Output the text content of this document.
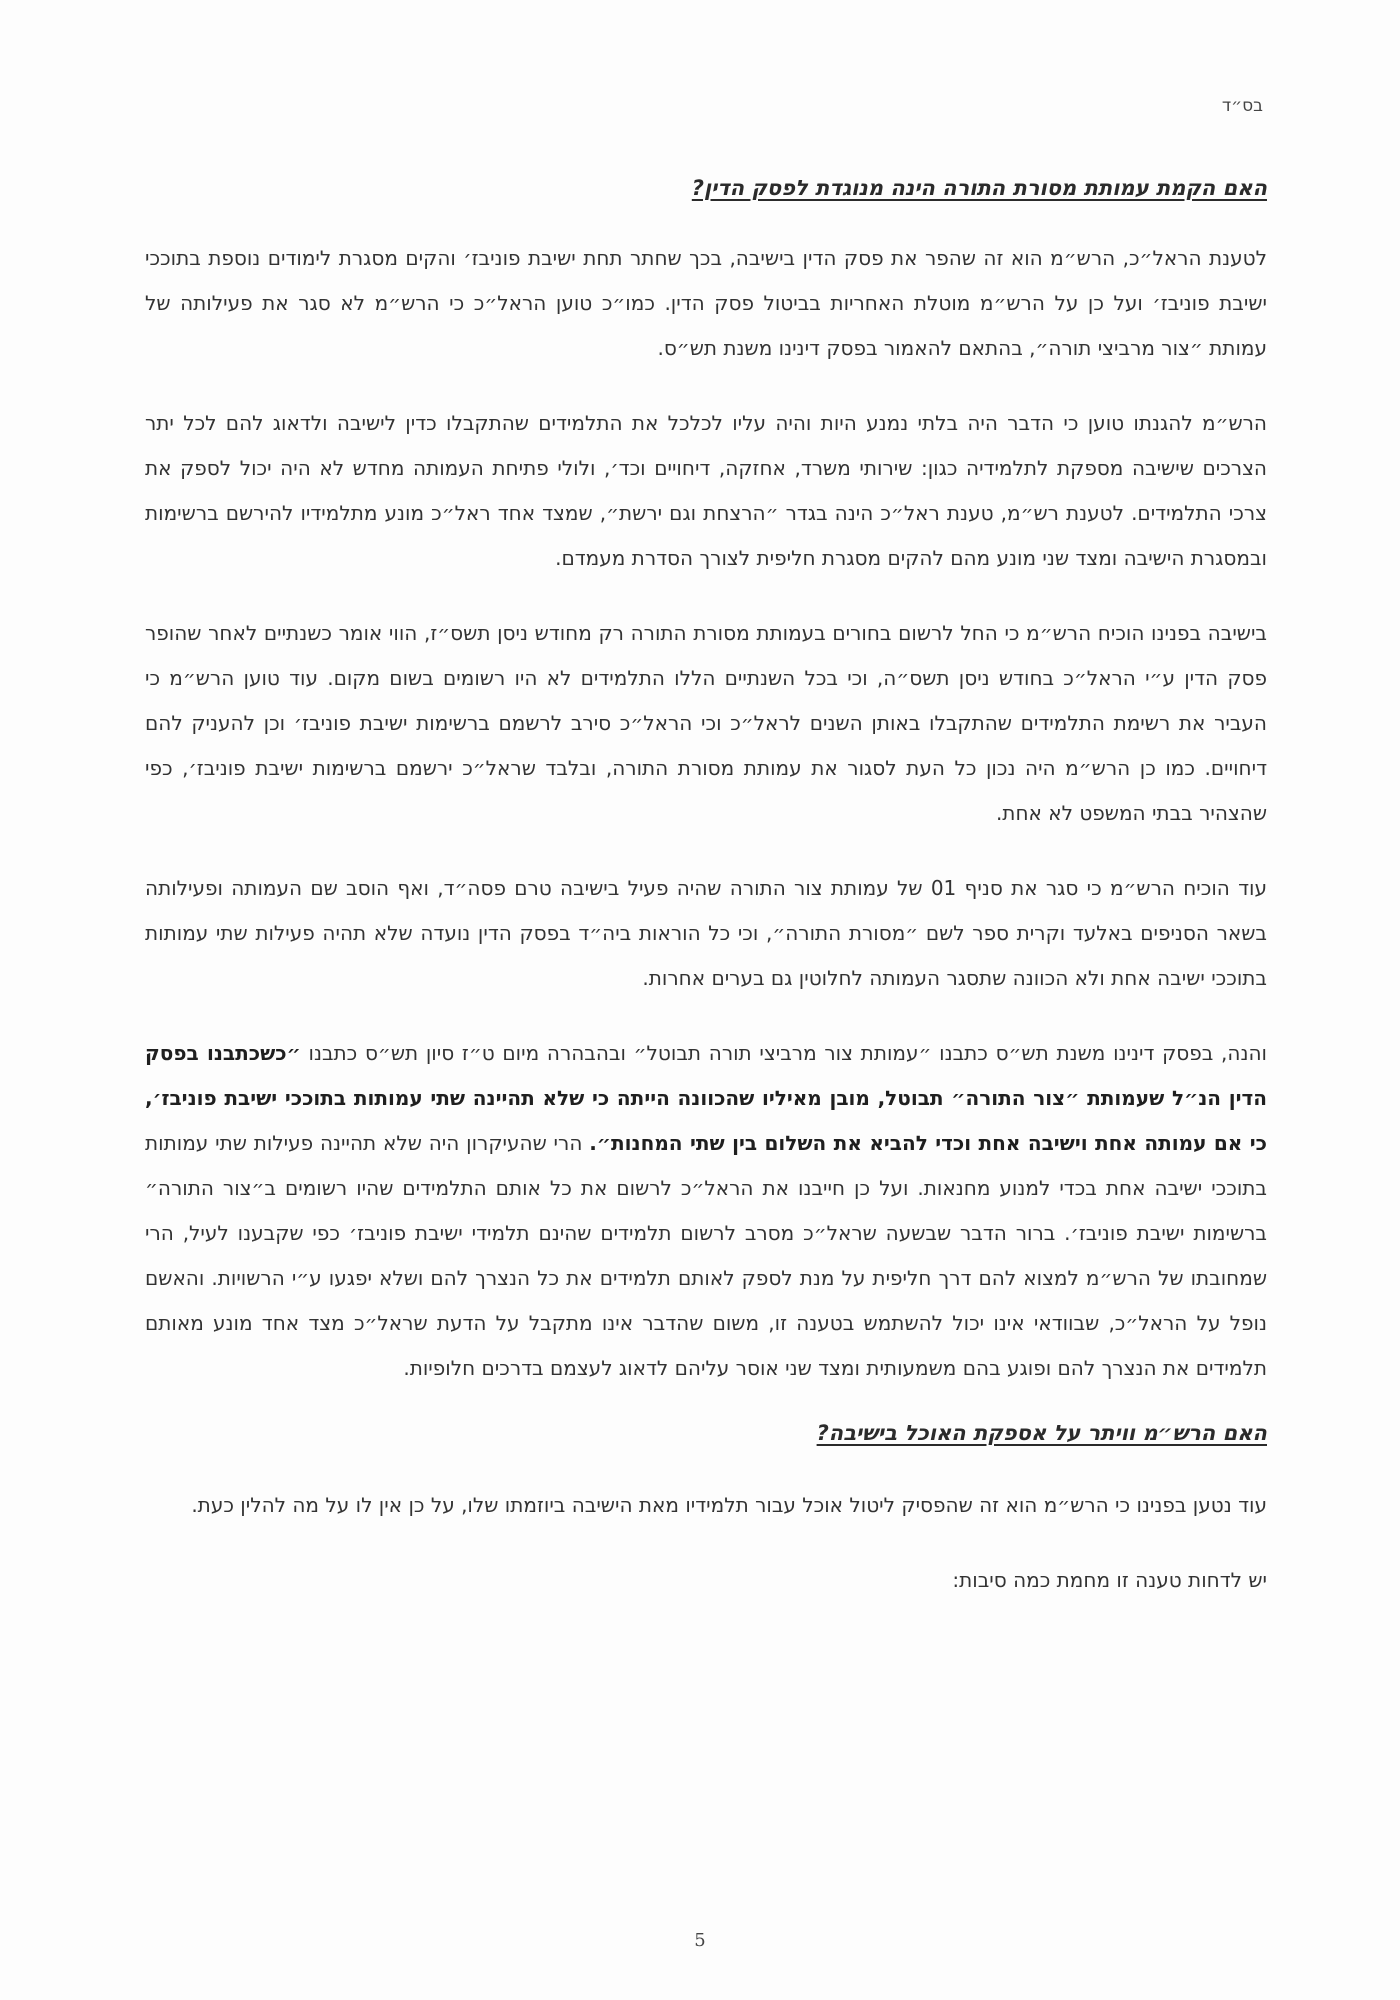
בס״ד
האם הקמת עמותת מסורת התורה הינה מנוגדת לפסק הדין?

לטענת הראל״כ, הרש״מ הוא זה שהפר את פסק הדין בישיבה, בכך שחתר תחת ישיבת פוניבז׳ והקים מסגרת לימודים נוספת בתוככי ישיבת פוניבז׳ ועל כן על הרש״מ מוטלת האחריות בביטול פסק הדין. כמו״כ טוען הראל״כ כי הרש״מ לא סגר את פעילותה של עמותת ״צור מרביצי תורה״, בהתאם להאמור בפסק דינינו משנת תש״ס.

הרש״מ להגנתו טוען כי הדבר היה בלתי נמנע היות והיה עליו לכלכל את התלמידים שהתקבלו כדין לישיבה ולדאוג להם לכל יתר הצרכים שישיבה מספקת לתלמידיה כגון: שירותי משרד, אחזקה, דיחויים וכד׳, ולולי פתיחת העמותה מחדש לא היה יכול לספק את צרכי התלמידים. לטענת רש״מ, טענת ראל״כ הינה בגדר ״הרצחת וגם ירשת״, שמצד אחד ראל״כ מונע מתלמידיו להירשם ברשימות ובמסגרת הישיבה ומצד שני מונע מהם להקים מסגרת חליפית לצורך הסדרת מעמדם.

בישיבה בפנינו הוכיח הרש״מ כי החל לרשום בחורים בעמותת מסורת התורה רק מחודש ניסן תשס״ז, הווי אומר כשנתיים לאחר שהופר פסק הדין ע״י הראל״כ בחודש ניסן תשס״ה, וכי בכל השנתיים הללו התלמידים לא היו רשומים בשום מקום. עוד טוען הרש״מ כי העביר את רשימת התלמידים שהתקבלו באותן השנים לראל״כ וכי הראל״כ סירב לרשמם ברשימות ישיבת פוניבז׳ וכן להעניק להם דיחויים. כמו כן הרש״מ היה נכון כל העת לסגור את עמותת מסורת התורה, ובלבד שראל״כ ירשמם ברשימות ישיבת פוניבז׳, כפי שהצהיר בבתי המשפט לא אחת.

עוד הוכיח הרש״מ כי סגר את סניף 01 של עמותת צור התורה שהיה פעיל בישיבה טרם פסה״ד, ואף הוסב שם העמותה ופעילותה בשאר הסניפים באלעד וקרית ספר לשם ״מסורת התורה״, וכי כל הוראות ביה״ד בפסק הדין נועדה שלא תהיה פעילות שתי עמותות בתוככי ישיבה אחת ולא הכוונה שתסגר העמותה לחלוטין גם בערים אחרות.

והנה, בפסק דינינו משנת תש״ס כתבנו ״עמותת צור מרביצי תורה תבוטל״ ובהבהרה מיום ט״ז סיון תש״ס כתבנו ״כשכתבנו בפסק הדין הנ״ל שעמותת ״צור התורה״ תבוטל, מובן מאיליו שהכוונה הייתה כי שלא תהיינה שתי עמותות בתוככי ישיבת פוניבז׳, כי אם עמותה אחת וישיבה אחת וכדי להביא את השלום בין שתי המחנות״. הרי שהעיקרון היה שלא תהיינה פעילות שתי עמותות בתוככי ישיבה אחת בכדי למנוע מחנאות. ועל כן חייבנו את הראל״כ לרשום את כל אותם התלמידים שהיו רשומים ב״צור התורה״ ברשימות ישיבת פוניבז׳. ברור הדבר שבשעה שראל״כ מסרב לרשום תלמידים שהינם תלמידי ישיבת פוניבז׳ כפי שקבענו לעיל, הרי שמחובתו של הרש״מ למצוא להם דרך חליפית על מנת לספק לאותם תלמידים את כל הנצרך להם ושלא יפגעו ע״י הרשויות. והאשם נופל על הראל״כ, שבוודאי אינו יכול להשתמש בטענה זו, משום שהדבר אינו מתקבל על הדעת שראל״כ מצד אחד מונע מאותם תלמידים את הנצרך להם ופוגע בהם משמעותית ומצד שני אוסר עליהם לדאוג לעצמם בדרכים חלופיות.

האם הרש״מ וויתר על אספקת האוכל בישיבה?

עוד נטען בפנינו כי הרש״מ הוא זה שהפסיק ליטול אוכל עבור תלמידיו מאת הישיבה ביוזמתו שלו, על כן אין לו על מה להלין כעת.

יש לדחות טענה זו מחמת כמה סיבות:

5
